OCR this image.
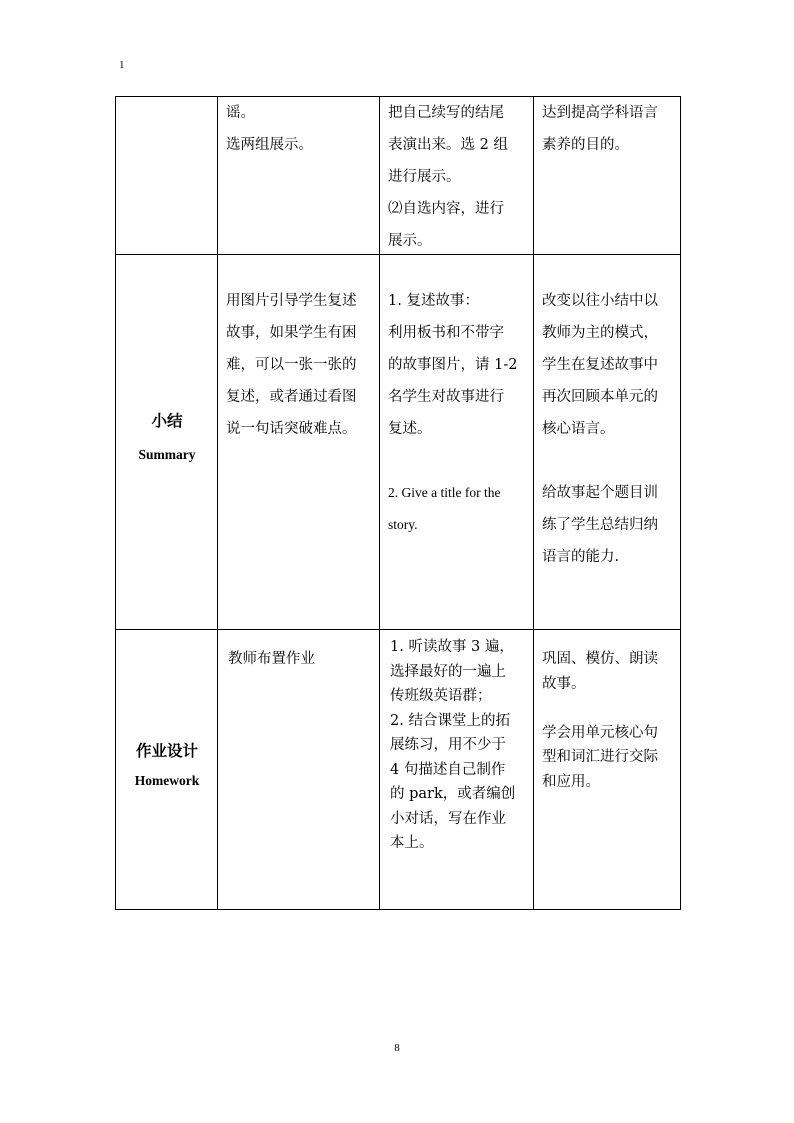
1

谣。

选两组展示。

把自己续写的结尾

表演出来。选 2 组

进行展示。

⑵自选内容，进行

展示。

达到提高学科语言

素养的目的。

小结
Summary

用图片引导学生复述

故事，如果学生有困

难，可以一张一张的

复述，或者通过看图

说一句话突破难点。

1. 复述故事：

利用板书和不带字

的故事图片，请 1-2

名学生对故事进行

复述。

2. Give a title for the

story.

改变以往小结中以

教师为主的模式，

学生在复述故事中

再次回顾本单元的

核心语言。

给故事起个题目训

练了学生总结归纳

语言的能力.

作业设计
Homework

教师布置作业

1. 听读故事 3 遍，

选择最好的一遍上

传班级英语群；

2. 结合课堂上的拓

展练习，用不少于

4 句描述自己制作

的 park，或者编创

小对话，写在作业

本上。

巩固、模仿、朗读

故事。

学会用单元核心句

型和词汇进行交际

和应用。

8
